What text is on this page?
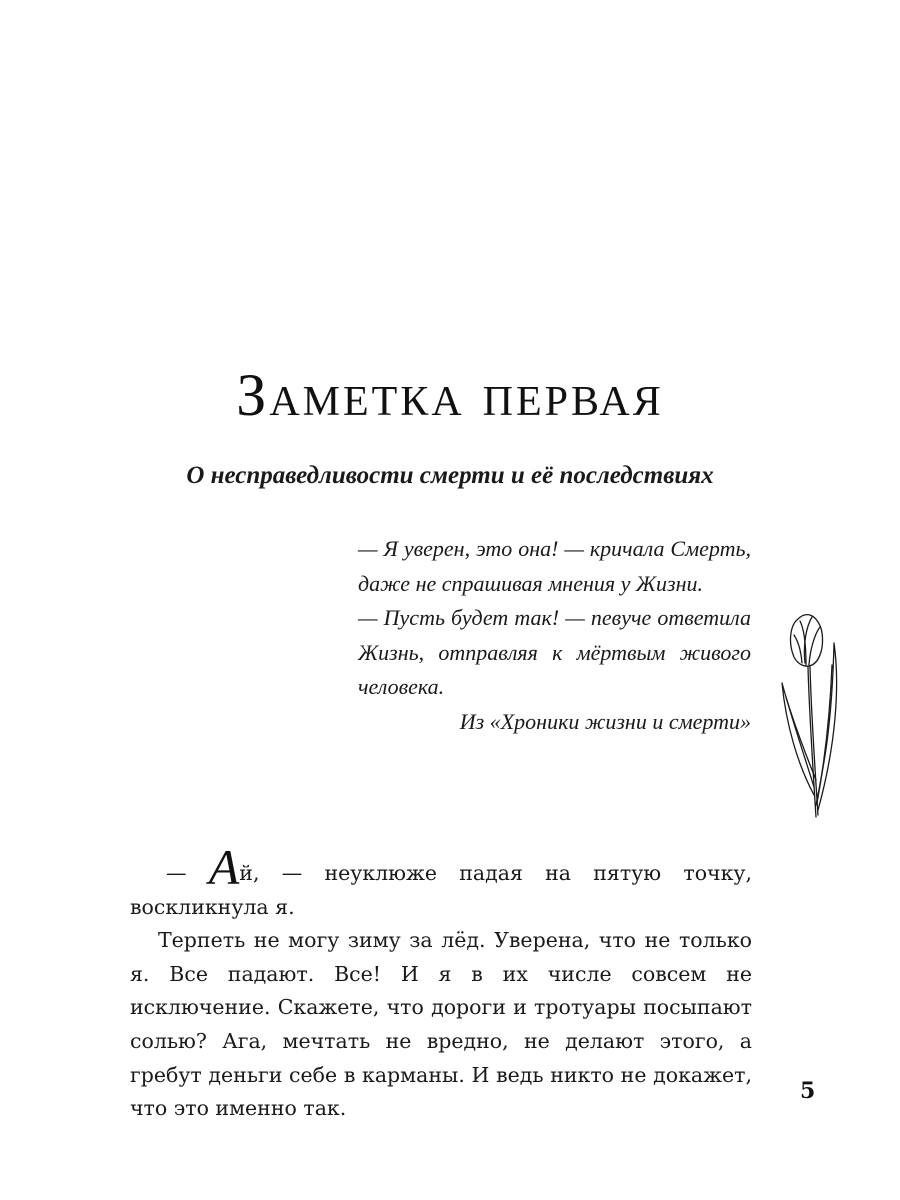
Заметка первая
О несправедливости смерти и её последствиях

— Я уверен, это она! — кричала Смерть, даже не спрашивая мнения у Жизни.

— Пусть будет так! — певуче ответила Жизнь, отправляя к мёртвым живого человека.

Из «Хроники жизни и смерти»

— Ай, — неуклюже падая на пятую точку, воскликнула я.

Терпеть не могу зиму за лёд. Уверена, что не только я. Все падают. Все! И я в их числе совсем не исключение. Скажете, что дороги и тротуары посыпают солью? Ага, мечтать не вредно, не делают этого, а гребут деньги себе в карманы. И ведь никто не докажет, что это именно так.

5
